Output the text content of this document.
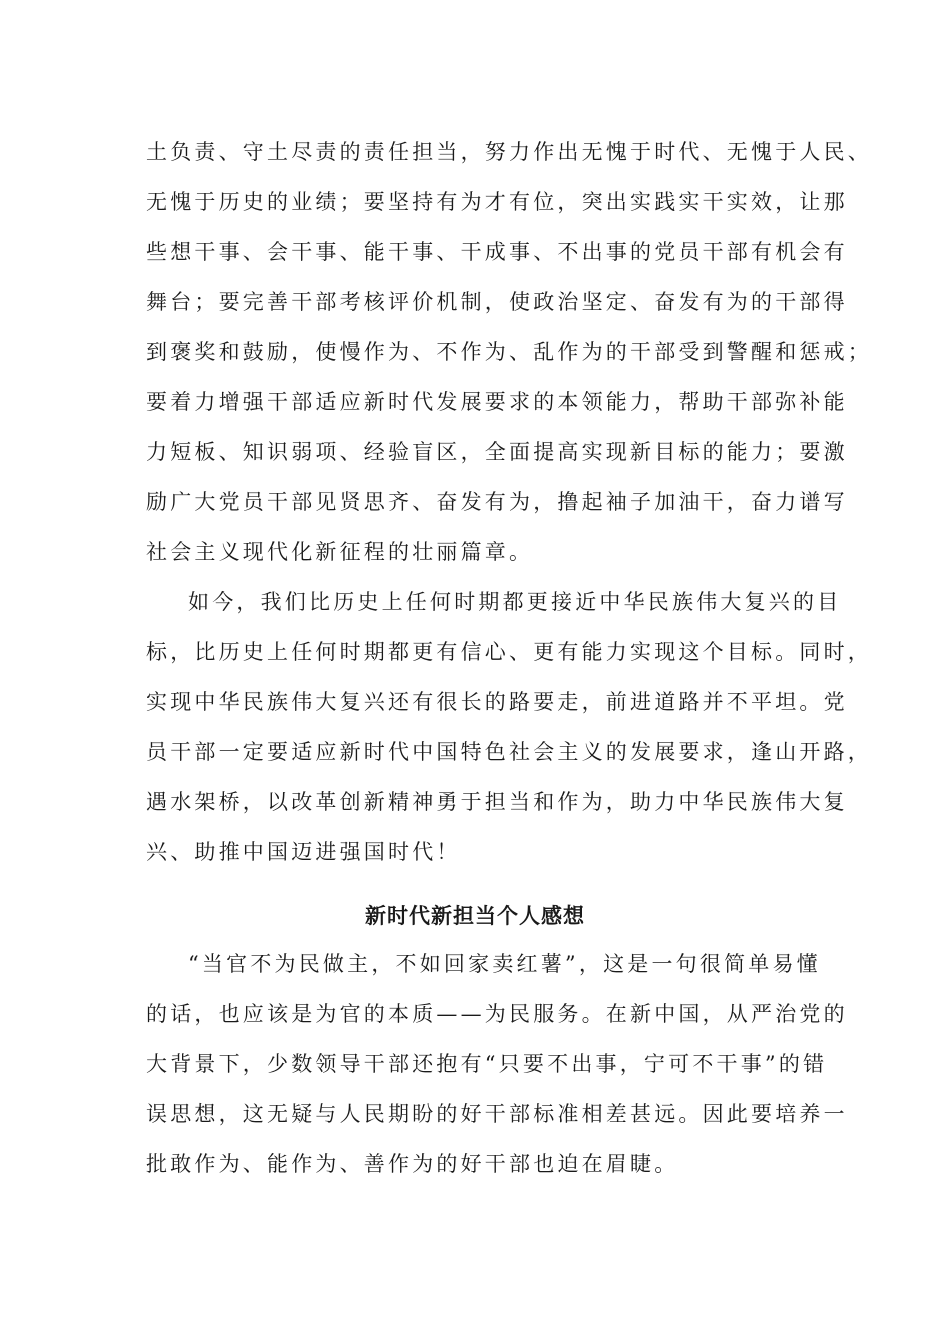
土负责、守土尽责的责任担当，努力作出无愧于时代、无愧于人民、
无愧于历史的业绩；要坚持有为才有位，突出实践实干实效，让那
些想干事、会干事、能干事、干成事、不出事的党员干部有机会有
舞台；要完善干部考核评价机制，使政治坚定、奋发有为的干部得
到褒奖和鼓励，使慢作为、不作为、乱作为的干部受到警醒和惩戒；
要着力增强干部适应新时代发展要求的本领能力，帮助干部弥补能
力短板、知识弱项、经验盲区，全面提高实现新目标的能力；要激
励广大党员干部见贤思齐、奋发有为，撸起袖子加油干，奋力谱写
社会主义现代化新征程的壮丽篇章。
如今，我们比历史上任何时期都更接近中华民族伟大复兴的目
标，比历史上任何时期都更有信心、更有能力实现这个目标。同时，
实现中华民族伟大复兴还有很长的路要走，前进道路并不平坦。党
员干部一定要适应新时代中国特色社会主义的发展要求，逢山开路，
遇水架桥，以改革创新精神勇于担当和作为，助力中华民族伟大复
兴、助推中国迈进强国时代！
新时代新担当个人感想
“当官不为民做主，不如回家卖红薯”，这是一句很简单易懂
的话，也应该是为官的本质——为民服务。在新中国，从严治党的
大背景下，少数领导干部还抱有“只要不出事，宁可不干事”的错
误思想，这无疑与人民期盼的好干部标准相差甚远。因此要培养一
批敢作为、能作为、善作为的好干部也迫在眉睫。
